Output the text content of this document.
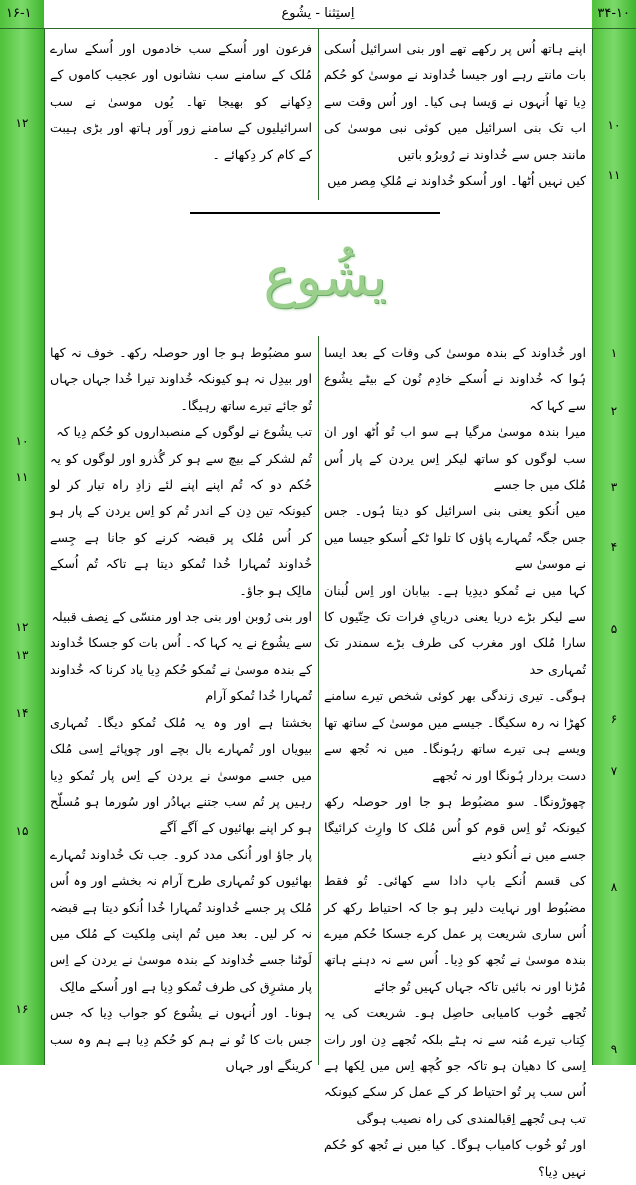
۳۴-۱۰
اِستِثنا - یشُوع
۱۶-۱

اپنے ہاتھ اُس پر رکھے تھے اور بنی اسرائیل اُسکی بات مانتے رہے اور جیسا خُداوند نے موسیٰ کو حُکم دِیا تھا اُنہوں نے وَیسا ہی کیا۔ اور اُس وقت سے اب تک بنی اسرائیل میں کوئی نبی موسیٰ کی مانند جس سے خُداوند نے رُوبرُو باتیں

کیں نہیں اُٹھا۔ اور اُسکو خُداوند نے مُلکِ مِصر میں

۱۰
۱۱

فرعون اور اُسکے سب خادموں اور اُسکے سارے مُلک کے سامنے سب نشانوں اور عجیب کاموں کے دِکھانے کو بھیجا تھا۔ یُوں موسیٰ نے سب اسرائیلیوں کے سامنے زور آور ہاتھ اور بڑی ہیبت کے کام کر دِکھائے ۔

۱۲
یشُوع

اور خُداوند کے بندہ موسیٰ کی وفات کے بعد ایسا ہُوا کہ خُداوند نے اُسکے خادِم نُون کے بیٹے یشُوع سے کہا کہ

میرا بندہ موسیٰ مرگیا ہے سو اب تُو اُٹھ اور ان سب لوگوں کو ساتھ لیکر اِس یردن کے پار اُس مُلک میں جا جسے

میں اُنکو یعنی بنی اسرائیل کو دیتا ہُوں۔ جس جس جگہ تُمہارے پاؤں کا تلوا ٹکے اُسکو جیسا میں نے موسیٰ سے

کہا میں نے تُمکو دیدِیا ہے۔ بیابان اور اِس لُبنان سے لیکر بڑے دریا یعنی دریایِ فرات تک حِتّیوں کا سارا مُلک اور مغرب کی طرف بڑے سمندر تک تُمہاری حد

ہوگی۔ تیری زندگی بھر کوئی شخص تیرے سامنے کھڑا نہ رہ سکیگا۔ جیسے میں موسیٰ کے ساتھ تھا ویسے ہی تیرے ساتھ رہُونگا۔ میں نہ تُجھ سے دست بردار ہُونگا اور نہ تُجھے

چھوڑونگا۔ سو مضبُوط ہو جا اور حوصلہ رکھ کیونکہ تُو اِس قوم کو اُس مُلک کا وارِث کرائیگا جسے میں نے اُنکو دینے

کی قسم اُنکے باپ دادا سے کھائی۔ تُو فقط مضبُوط اور نہایت دلیر ہو جا کہ احتیاط رکھ کر اُس ساری شریعت پر عمل کرے جسکا حُکم میرے بندہ موسیٰ نے تُجھ کو دِیا۔ اُس سے نہ دہنے ہاتھ مُڑنا اور نہ بائیں تاکہ جہاں کہیں تُو جائے

تُجھے خُوب کامیابی حاصِل ہو۔ شریعت کی یہ کِتاب تیرے مُنہ سے نہ ہٹے بلکہ تُجھے دِن اور رات اِسی کا دھیان ہو تاکہ جو کُچھ اِس میں لِکھا ہے اُس سب پر تُو احتیاط کر کے عمل کر سکے کیونکہ تب ہی تُجھے اِقبالمندی کی راہ نصیب ہوگی

اور تُو خُوب کامیاب ہوگا۔ کیا میں نے تُجھ کو حُکم نہیں دِیا؟

۱
۲
۳
۴
۵
۶
۷
۸
۹

سو مضبُوط ہو جا اور حوصلہ رکھ۔ خوف نہ کھا اور بیدِل نہ ہو کیونکہ خُداوند تیرا خُدا جہاں جہاں تُو جائے تیرے ساتھ رہیگا۔

تب یشُوع نے لوگوں کے منصبداروں کو حُکم دِیا کہ

تُم لشکر کے بیچ سے ہو کر گُذرو اور لوگوں کو یہ حُکم دو کہ تُم اپنے اپنے لئے زادِ راہ تیار کر لو کیونکہ تین دِن کے اندر تُم کو اِس یردن کے پار ہو کر اُس مُلک پر قبضہ کرنے کو جانا ہے جِسے خُداوند تُمہارا خُدا تُمکو دیتا ہے تاکہ تُم اُسکے مالِک ہو جاؤ۔

اور بنی رُوبن اور بنی جد اور منسّی کے نِصف قبیلہ

سے یشُوع نے یہ کہا کہ۔ اُس بات کو جسکا خُداوند کے بندہ موسیٰ نے تُمکو حُکم دِیا یاد کرنا کہ خُداوند تُمہارا خُدا تُمکو آرام

بخشتا ہے اور وہ یہ مُلک تُمکو دیگا۔ تُمہاری بیویاں اور تُمہارے بال بچے اور چوپائے اِسی مُلک میں جسے موسیٰ نے یردن کے اِس پار تُمکو دِیا رہیں پر تُم سب جتنے بہادُر اور سُورما ہو مُسلّح ہو کر اپنے بھائیوں کے آگے آگے

پار جاؤ اور اُنکی مدد کرو۔ جب تک خُداوند تُمہارے بھائیوں کو تُمہاری طرح آرام نہ بخشے اور وہ اُس مُلک پر جسے خُداوند تُمہارا خُدا اُنکو دیتا ہے قبضہ نہ کر لیں۔ بعد میں تُم اپنی مِلکیت کے مُلک میں لَوٹنا جسے خُداوند کے بندہ موسیٰ نے یردن کے اِس پار مشرِق کی طرف تُمکو دِیا ہے اور اُسکے مالِک

ہونا۔ اور اُنہوں نے یشُوع کو جواب دِیا کہ جس جس بات کا تُو نے ہم کو حُکم دِیا ہے ہم وہ سب کرینگے اور جہاں

۱۰
۱۱
۱۲
۱۳
۱۴
۱۵
۱۶
